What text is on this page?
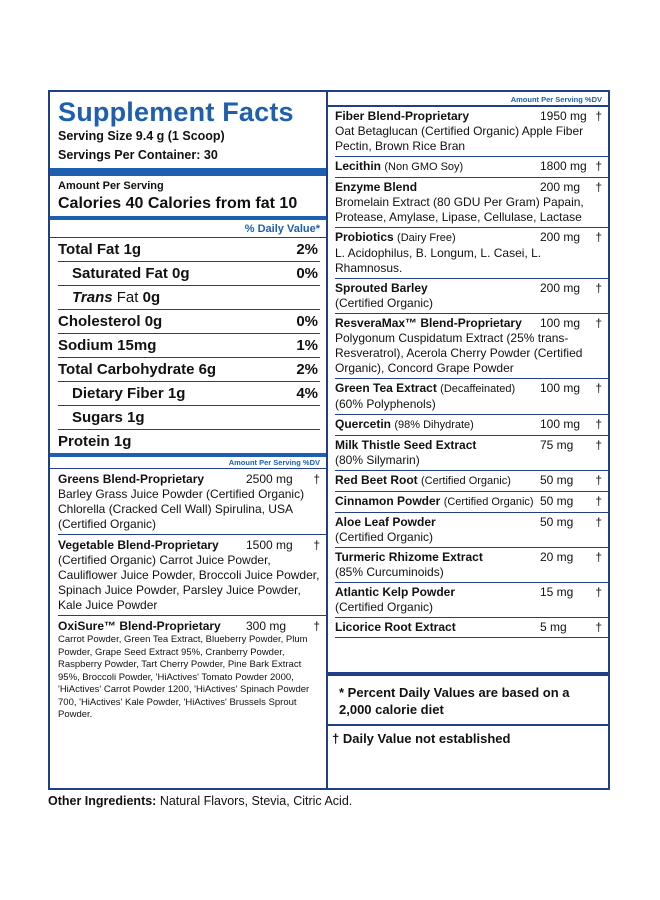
Supplement Facts
Serving Size 9.4 g (1 Scoop)
Servings Per Container: 30
Amount Per Serving
Calories 40 Calories from fat 10
% Daily Value*
Total Fat 1g	2%
Saturated Fat 0g	0%
Trans Fat 0g
Cholesterol 0g	0%
Sodium 15mg	1%
Total Carbohydrate 6g	2%
Dietary Fiber 1g	4%
Sugars 1g
Protein 1g
Amount Per Serving %DV
Greens Blend-Proprietary	2500 mg	†
Barley Grass Juice Powder (Certified Organic) Chlorella (Cracked Cell Wall) Spirulina, USA (Certified Organic)
Vegetable Blend-Proprietary	1500 mg	†
(Certified Organic) Carrot Juice Powder, Cauliflower Juice Powder, Broccoli Juice Powder, Spinach Juice Powder, Parsley Juice Powder, Kale Juice Powder
OxiSure™ Blend-Proprietary	300 mg	†
Carrot Powder, Green Tea Extract, Blueberry Powder, Plum Powder, Grape Seed Extract 95%, Cranberry Powder, Raspberry Powder, Tart Cherry Powder, Pine Bark Extract 95%, Broccoli Powder, 'HiActives' Tomato Powder 2000, 'HiActives' Carrot Powder 1200, 'HiActives' Spinach Powder 700, 'HiActives' Kale Powder, 'HiActives' Brussels Sprout Powder.
Amount Per Serving %DV
Fiber Blend-Proprietary	1950 mg †
Oat Betaglucan (Certified Organic) Apple Fiber Pectin, Brown Rice Bran
Lecithin (Non GMO Soy)	1800 mg †
Enzyme Blend	200 mg	†
Bromelain Extract (80 GDU Per Gram) Papain, Protease, Amylase, Lipase, Cellulase, Lactase
Probiotics (Dairy Free)	200 mg	†
L. Acidophilus, B. Longum, L. Casei, L. Rhamnosus.
Sprouted Barley	200 mg	†
(Certified Organic)
ResveraMax™ Blend-Proprietary	100 mg	†
Polygonum Cuspidatum Extract (25% trans-Resveratrol), Acerola Cherry Powder (Certified Organic), Concord Grape Powder
Green Tea Extract (Decaffeinated)	100 mg	†
(60% Polyphenols)
Quercetin (98% Dihydrate)	100 mg	†
Milk Thistle Seed Extract	75 mg	†
(80% Silymarin)
Red Beet Root (Certified Organic)	50 mg	†
Cinnamon Powder (Certified Organic) 50 mg	†
Aloe Leaf Powder	50 mg	†
(Certified Organic)
Turmeric Rhizome Extract	20 mg	†
(85% Curcuminoids)
Atlantic Kelp Powder	15 mg	†
(Certified Organic)
Licorice Root Extract	5 mg	†
* Percent Daily Values are based on a 2,000 calorie diet
† Daily Value not established
Other Ingredients: Natural Flavors, Stevia, Citric Acid.
